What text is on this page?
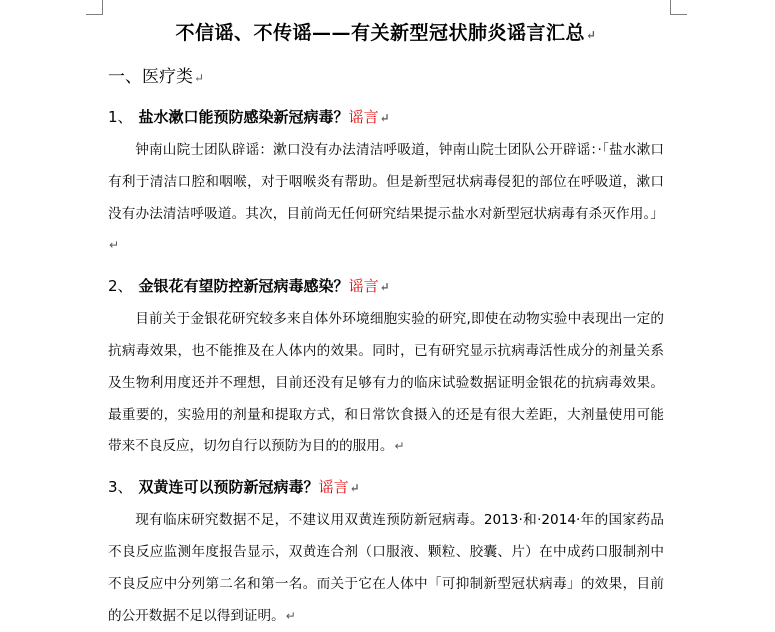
不信谣、不传谣——有关新型冠状肺炎谣言汇总↵
一、医疗类↵
1、 盐水漱口能预防感染新冠病毒？谣言↵
钟南山院士团队辟谣：漱口没有办法清洁呼吸道，钟南山院士团队公开辟谣：·「盐水漱口有利于清洁口腔和咽喉，对于咽喉炎有帮助。但是新型冠状病毒侵犯的部位在呼吸道，漱口没有办法清洁呼吸道。其次，目前尚无任何研究结果提示盐水对新型冠状病毒有杀灭作用。」↵
2、 金银花有望防控新冠病毒感染？谣言↵
目前关于金银花研究较多来自体外环境细胞实验的研究,即使在动物实验中表现出一定的抗病毒效果，也不能推及在人体内的效果。同时，已有研究显示抗病毒活性成分的剂量关系及生物利用度还并不理想，目前还没有足够有力的临床试验数据证明金银花的抗病毒效果。最重要的，实验用的剂量和提取方式，和日常饮食摄入的还是有很大差距，大剂量使用可能带来不良反应，切勿自行以预防为目的的服用。↵
3、 双黄连可以预防新冠病毒？谣言↵
现有临床研究数据不足，不建议用双黄连预防新冠病毒。2013·和·2014·年的国家药品不良反应监测年度报告显示，双黄连合剂（口服液、颗粒、胶囊、片）在中成药口服制剂中不良反应中分列第二名和第一名。而关于它在人体中「可抑制新型冠状病毒」的效果，目前的公开数据不足以得到证明。↵
